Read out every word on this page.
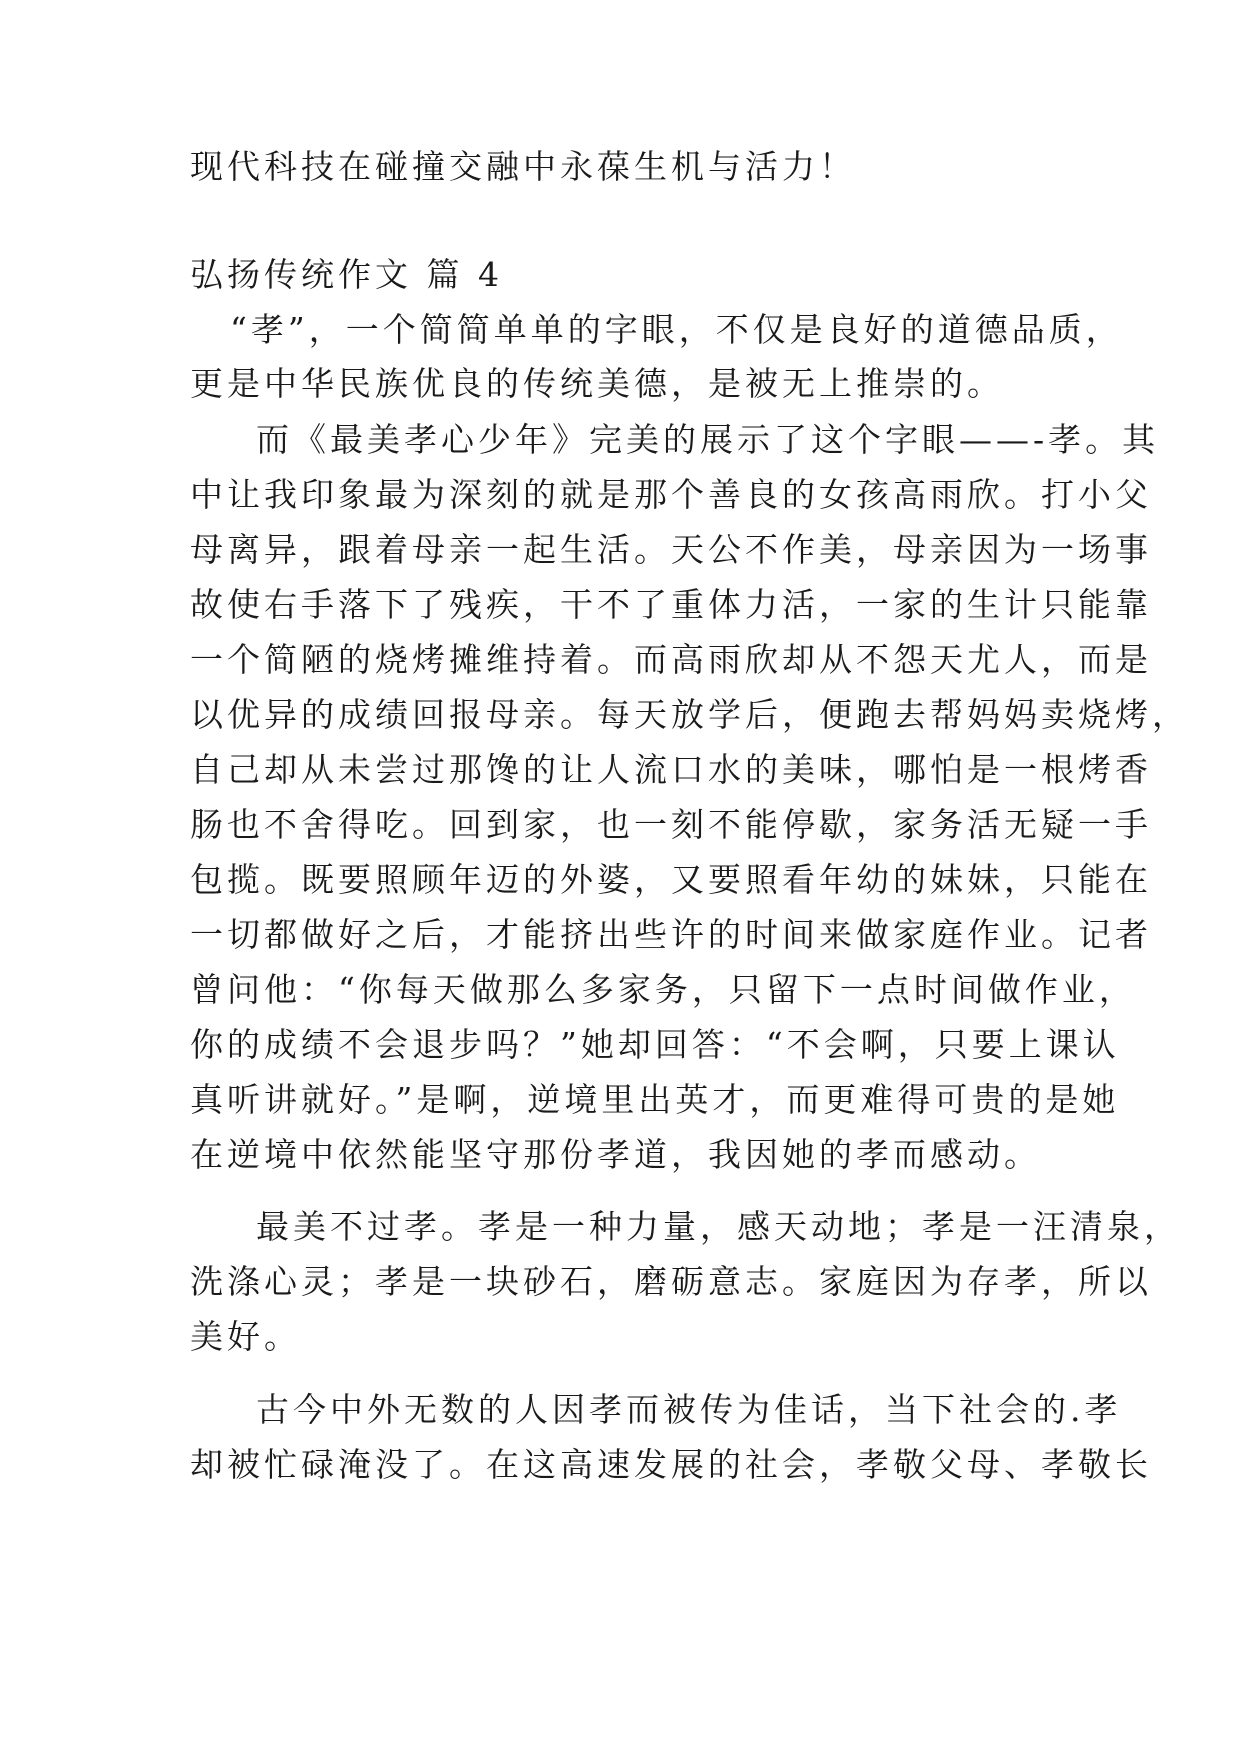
现代科技在碰撞交融中永葆生机与活力！
弘扬传统作文 篇 4
“孝”，一个简简单单的字眼，不仅是良好的道德品质，
更是中华民族优良的传统美德，是被无上推崇的。
而《最美孝心少年》完美的展示了这个字眼——-孝。其
中让我印象最为深刻的就是那个善良的女孩高雨欣。打小父
母离异，跟着母亲一起生活。天公不作美，母亲因为一场事
故使右手落下了残疾，干不了重体力活，一家的生计只能靠
一个简陋的烧烤摊维持着。而高雨欣却从不怨天尤人，而是
以优异的成绩回报母亲。每天放学后，便跑去帮妈妈卖烧烤，
自己却从未尝过那馋的让人流口水的美味，哪怕是一根烤香
肠也不舍得吃。回到家，也一刻不能停歇，家务活无疑一手
包揽。既要照顾年迈的外婆，又要照看年幼的妹妹，只能在
一切都做好之后，才能挤出些许的时间来做家庭作业。记者
曾问他：“你每天做那么多家务，只留下一点时间做作业，
你的成绩不会退步吗？”她却回答：“不会啊，只要上课认
真听讲就好。”是啊，逆境里出英才，而更难得可贵的是她
在逆境中依然能坚守那份孝道，我因她的孝而感动。
最美不过孝。孝是一种力量，感天动地；孝是一汪清泉，
洗涤心灵；孝是一块砂石，磨砺意志。家庭因为存孝，所以
美好。
古今中外无数的人因孝而被传为佳话，当下社会的.孝
却被忙碌淹没了。在这高速发展的社会，孝敬父母、孝敬长
